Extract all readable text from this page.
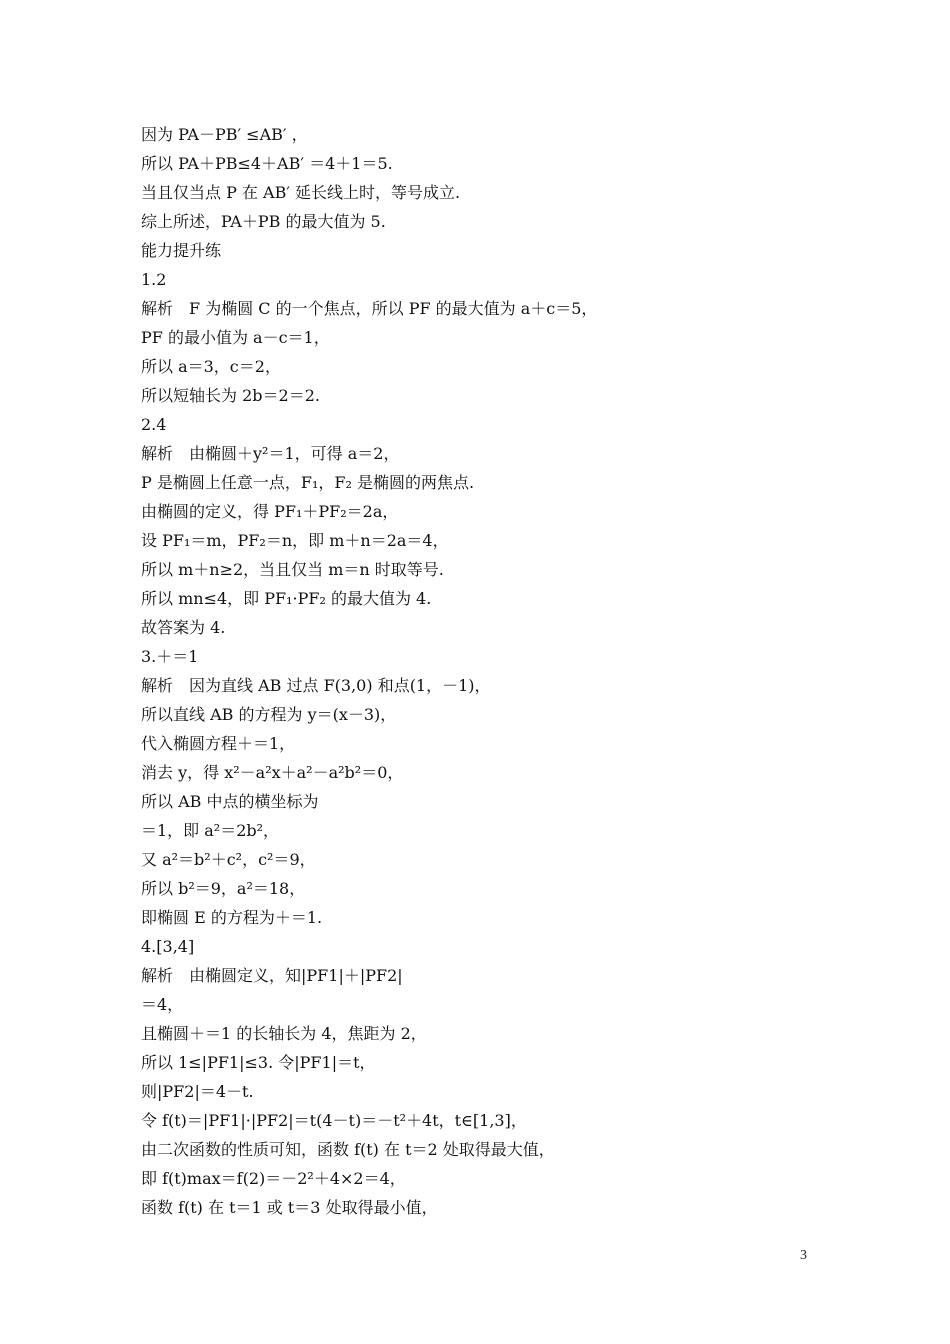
因为 PA－PB′ ≤AB′ ，
所以 PA＋PB≤4＋AB′ ＝4＋1＝5.
当且仅当点 P 在 AB′ 延长线上时，等号成立.
综上所述，PA＋PB 的最大值为 5.
能力提升练
1.2
解析　F 为椭圆 C 的一个焦点，所以 PF 的最大值为 a＋c＝5，
PF 的最小值为 a－c＝1，
所以 a＝3，c＝2，
所以短轴长为 2b＝2＝2.
2.4
解析　由椭圆＋y²＝1，可得 a＝2，
P 是椭圆上任意一点，F₁，F₂ 是椭圆的两焦点.
由椭圆的定义，得 PF₁＋PF₂＝2a，
设 PF₁＝m，PF₂＝n，即 m＋n＝2a＝4，
所以 m＋n≥2，当且仅当 m＝n 时取等号.
所以 mn≤4，即 PF₁·PF₂ 的最大值为 4.
故答案为 4.
3.＋＝1
解析　因为直线 AB 过点 F(3,0) 和点(1，－1)，
所以直线 AB 的方程为 y＝(x－3)，
代入椭圆方程＋＝1，
消去 y，得 x²－a²x＋a²－a²b²＝0，
所以 AB 中点的横坐标为
＝1，即 a²＝2b²，
又 a²＝b²＋c²，c²＝9，
所以 b²＝9，a²＝18，
即椭圆 E 的方程为＋＝1.
4.[3,4]
解析　由椭圆定义，知|PF1|＋|PF2|
＝4，
且椭圆＋＝1 的长轴长为 4，焦距为 2，
所以 1≤|PF1|≤3. 令|PF1|＝t，
则|PF2|＝4－t.
令 f(t)＝|PF1|·|PF2|＝t(4－t)＝－t²＋4t，t∈[1,3]，
由二次函数的性质可知，函数 f(t) 在 t＝2 处取得最大值，
即 f(t)max＝f(2)＝－2²＋4×2＝4，
函数 f(t) 在 t＝1 或 t＝3 处取得最小值，
3
